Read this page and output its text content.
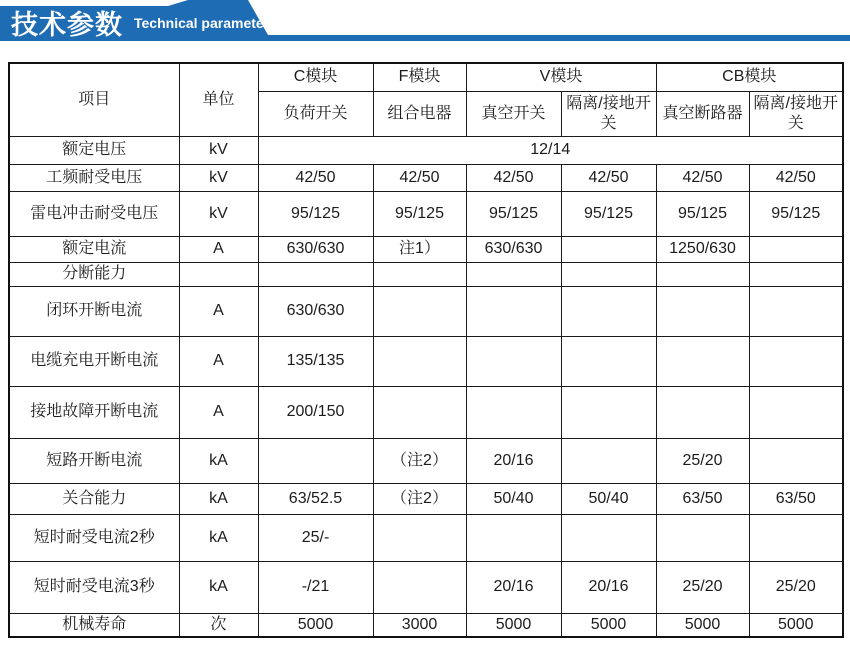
技术参数 Technical parameter
项目	单位	C模块	F模块	V模块		CB模块	
		负荷开关	组合电器	真空开关	隔离/接地开关	真空断路器	隔离/接地开关
额定电压	kV	12/14					
工频耐受电压	kV	42/50	42/50	42/50	42/50	42/50	42/50
雷电冲击耐受电压	kV	95/125	95/125	95/125	95/125	95/125	95/125
额定电流	A	630/630	注1）	630/630		1250/630	
分断能力							
闭环开断电流	A	630/630					
电缆充电开断电流	A	135/135					
接地故障开断电流	A	200/150					
短路开断电流	kA		（注2）	20/16		25/20	
关合能力	kA	63/52.5	（注2）	50/40	50/40	63/50	63/50
短时耐受电流2秒	kA	25/-					
短时耐受电流3秒	kA	-/21		20/16	20/16	25/20	25/20
机械寿命	次	5000	3000	5000	5000	5000	5000
